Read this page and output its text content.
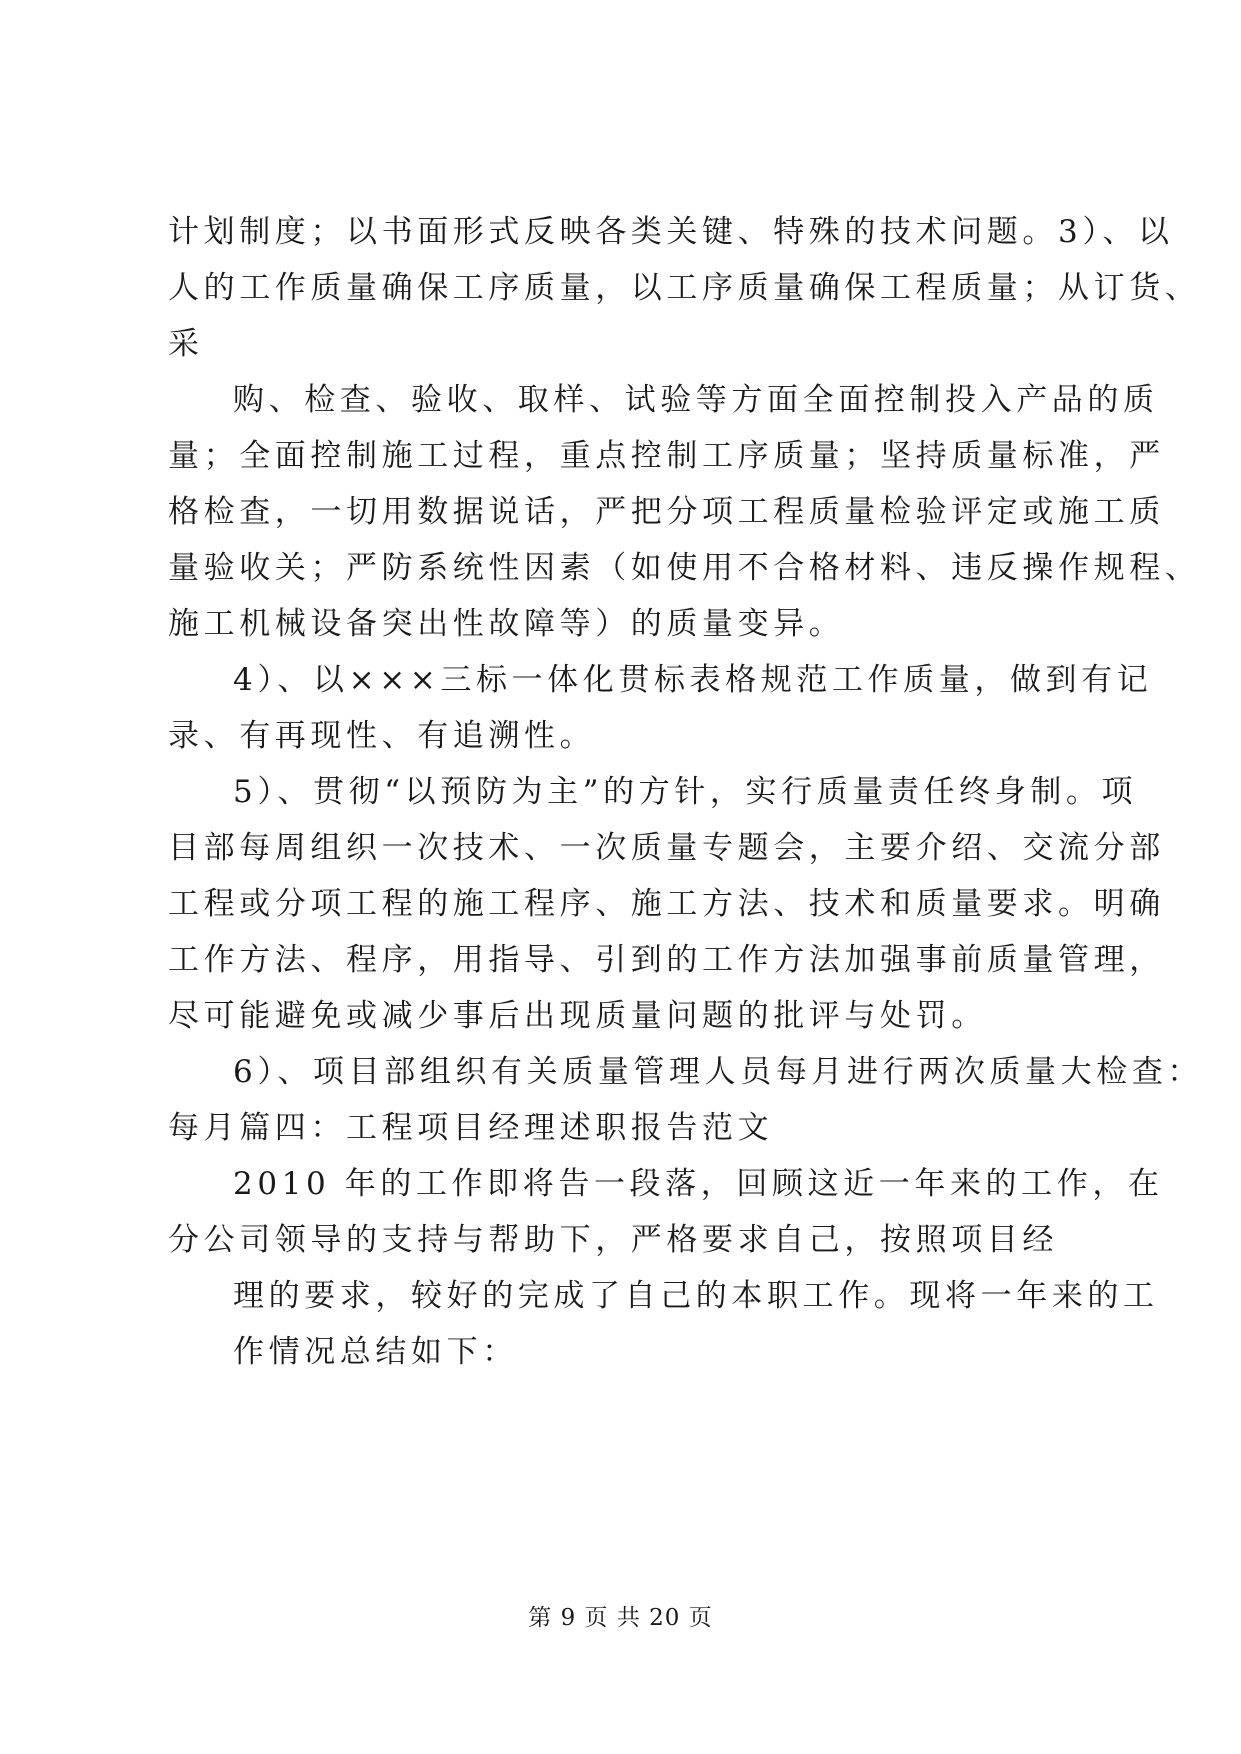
计划制度；以书面形式反映各类关键、特殊的技术问题。3）、以
人的工作质量确保工序质量，以工序质量确保工程质量；从订货、
采
购、检查、验收、取样、试验等方面全面控制投入产品的质
量；全面控制施工过程，重点控制工序质量；坚持质量标准，严
格检查，一切用数据说话，严把分项工程质量检验评定或施工质
量验收关；严防系统性因素（如使用不合格材料、违反操作规程、
施工机械设备突出性故障等）的质量变异。
4）、以×××三标一体化贯标表格规范工作质量，做到有记
录、有再现性、有追溯性。
5）、贯彻“以预防为主”的方针，实行质量责任终身制。项
目部每周组织一次技术、一次质量专题会，主要介绍、交流分部
工程或分项工程的施工程序、施工方法、技术和质量要求。明确
工作方法、程序，用指导、引到的工作方法加强事前质量管理，
尽可能避免或减少事后出现质量问题的批评与处罚。
6）、项目部组织有关质量管理人员每月进行两次质量大检查：
每月篇四：工程项目经理述职报告范文
2010 年的工作即将告一段落，回顾这近一年来的工作，在
分公司领导的支持与帮助下，严格要求自己，按照项目经
理的要求，较好的完成了自己的本职工作。现将一年来的工
作情况总结如下：
第 9 页 共 20 页
